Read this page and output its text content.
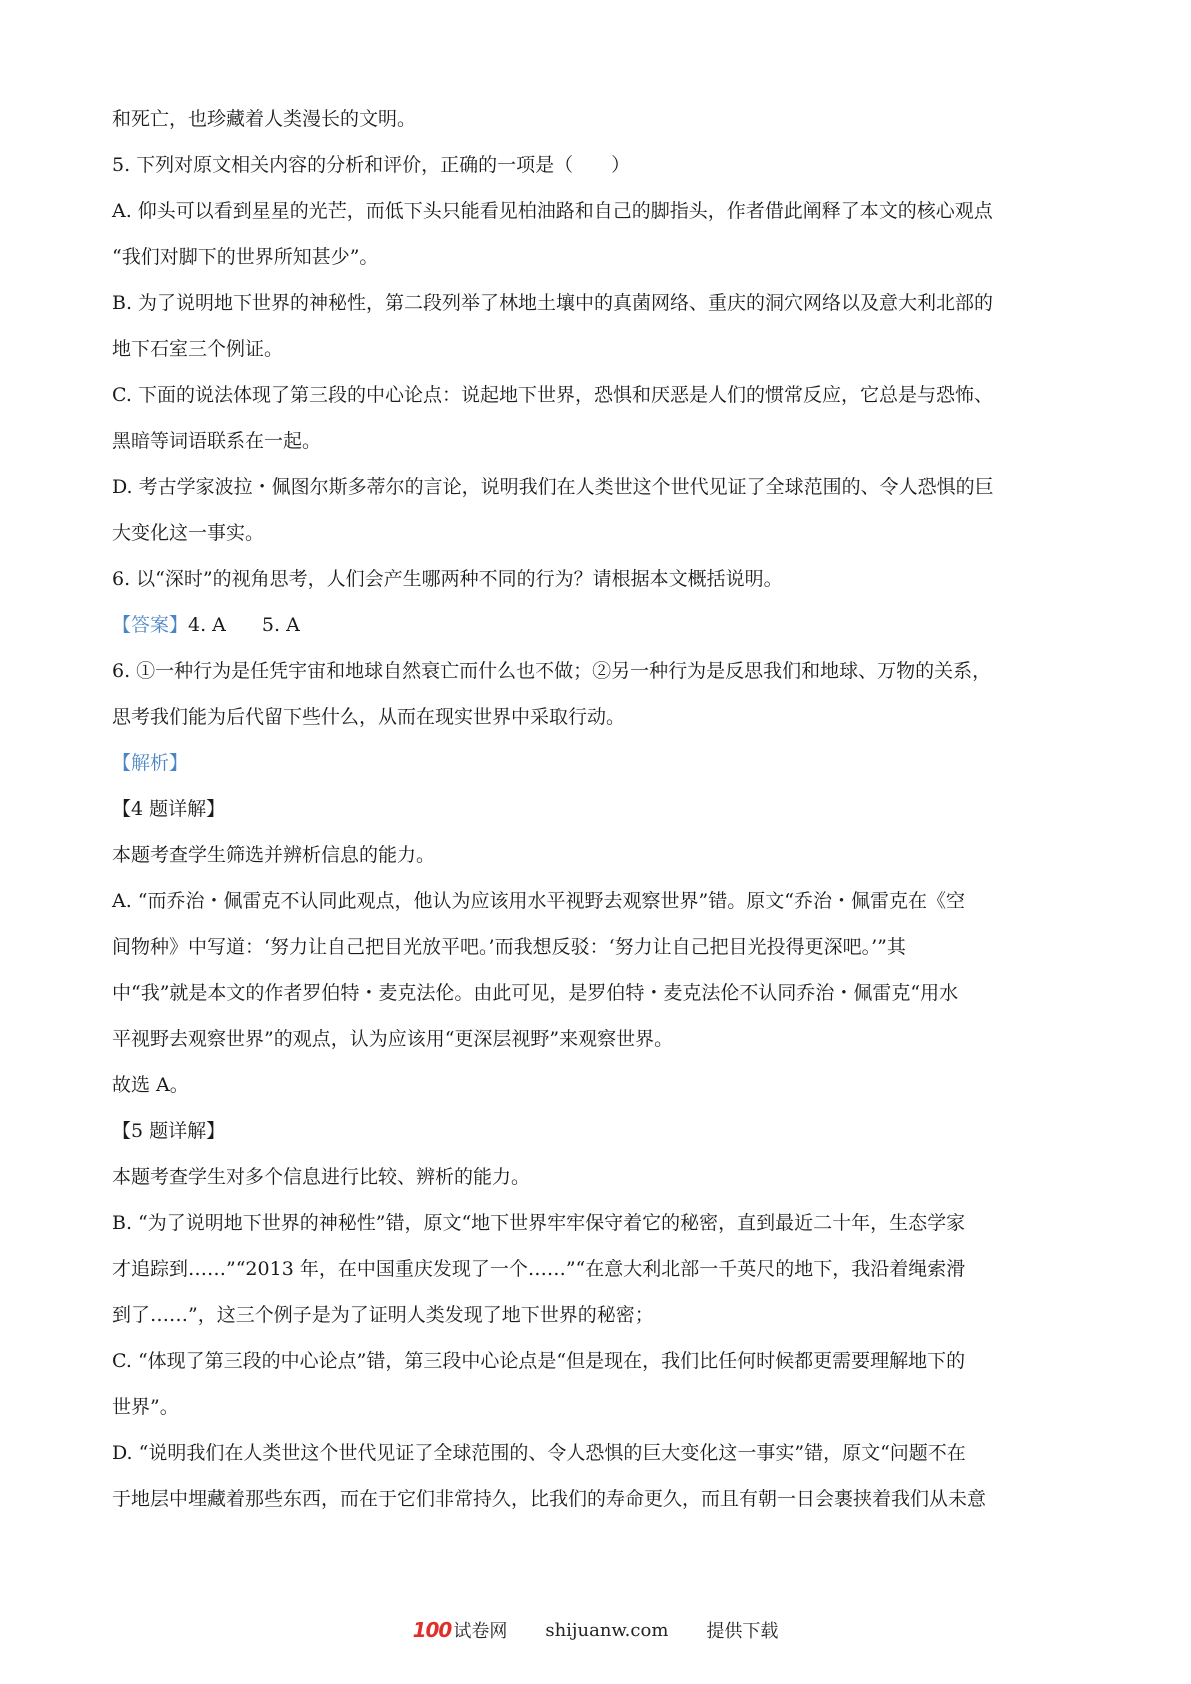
和死亡，也珍藏着人类漫长的文明。
5. 下列对原文相关内容的分析和评价，正确的一项是（　　）
A. 仰头可以看到星星的光芒，而低下头只能看见柏油路和自己的脚指头，作者借此阐释了本文的核心观点
“我们对脚下的世界所知甚少”。
B. 为了说明地下世界的神秘性，第二段列举了林地土壤中的真菌网络、重庆的洞穴网络以及意大利北部的
地下石室三个例证。
C. 下面的说法体现了第三段的中心论点：说起地下世界，恐惧和厌恶是人们的惯常反应，它总是与恐怖、
黑暗等词语联系在一起。
D. 考古学家波拉・佩图尔斯多蒂尔的言论，说明我们在人类世这个世代见证了全球范围的、令人恐惧的巨
大变化这一事实。
6. 以“深时”的视角思考，人们会产生哪两种不同的行为？请根据本文概括说明。
【答案】4. A 5. A
6. ①一种行为是任凭宇宙和地球自然衰亡而什么也不做；②另一种行为是反思我们和地球、万物的关系，
思考我们能为后代留下些什么，从而在现实世界中采取行动。
【解析】
【4 题详解】
本题考查学生筛选并辨析信息的能力。
A. “而乔治・佩雷克不认同此观点，他认为应该用水平视野去观察世界”错。原文“乔治・佩雷克在《空
间物种》中写道：‘努力让自己把目光放平吧。’而我想反驳：‘努力让自己把目光投得更深吧。’”其
中“我”就是本文的作者罗伯特・麦克法伦。由此可见，是罗伯特・麦克法伦不认同乔治・佩雷克“用水
平视野去观察世界”的观点，认为应该用“更深层视野”来观察世界。
故选 A。
【5 题详解】
本题考查学生对多个信息进行比较、辨析的能力。
B. “为了说明地下世界的神秘性”错，原文“地下世界牢牢保守着它的秘密，直到最近二十年，生态学家
才追踪到……”“2013 年，在中国重庆发现了一个……”“在意大利北部一千英尺的地下，我沿着绳索滑
到了……”，这三个例子是为了证明人类发现了地下世界的秘密；
C. “体现了第三段的中心论点”错，第三段中心论点是“但是现在，我们比任何时候都更需要理解地下的
世界”。
D. “说明我们在人类世这个世代见证了全球范围的、令人恐惧的巨大变化这一事实”错，原文“问题不在
于地层中埋藏着那些东西，而在于它们非常持久，比我们的寿命更久，而且有朝一日会裹挟着我们从未意
100 试卷网 shijuanw.com 提供下载
